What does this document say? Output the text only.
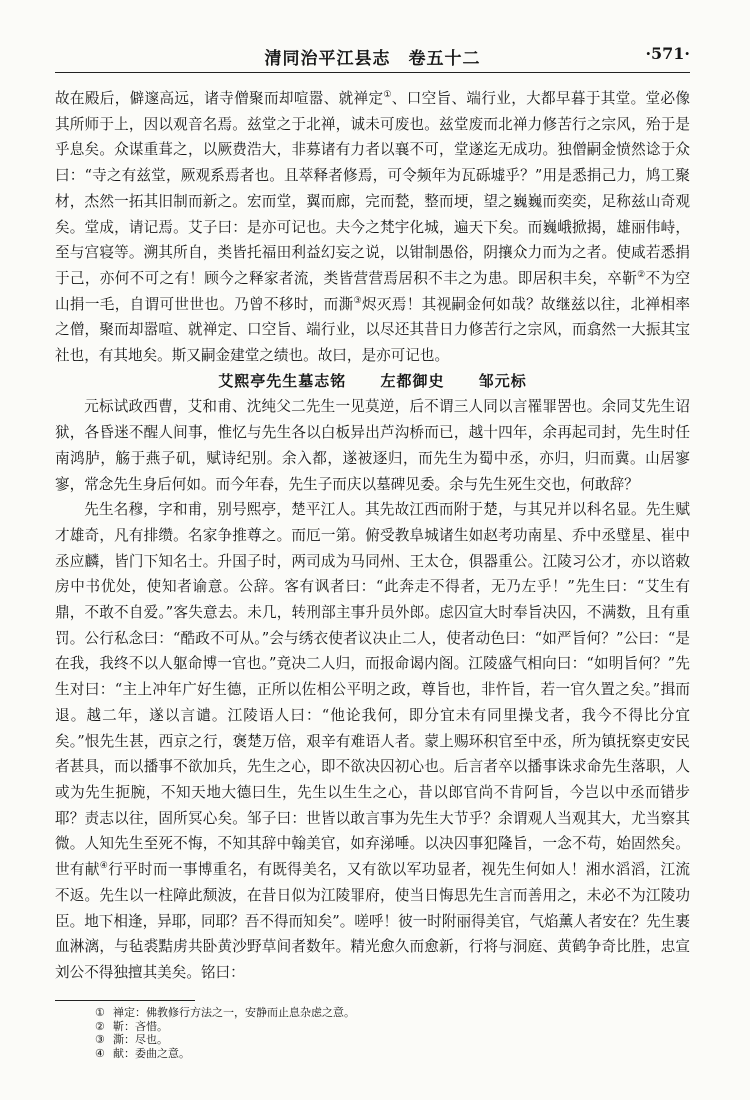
清同治平江县志　卷五十二	·571·

故在殿后，僻邃高远，诸寺僧聚而却喧嚣、就禅定①、口空旨、端行业，大都早暮于其堂。堂必像其所师于上，因以观音名焉。兹堂之于北禅，诚未可废也。兹堂废而北禅力修苦行之宗风，殆于是乎息矣。众谋重葺之，以厥费浩大，非募诸有力者以襄不可，堂遂迄无成功。独僧嗣金愤然谂于众曰：“寺之有兹堂，厥观系焉者也。且萃释者修焉，可令频年为瓦砾墟乎？”用是悉捐己力，鸠工聚材，杰然一拓其旧制而新之。宏而堂，翼而廊，完而甃，整而埂，望之巍巍而奕奕，足称兹山奇观矣。堂成，请记焉。艾子曰：是亦可记也。夫今之梵宇化城，遍天下矣。而巍峨掀揭，雄丽伟峙，至与宫寝等。溯其所自，类皆托福田利益幻妄之说，以钳制愚俗，阴攘众力而为之者。使咸若悉捐于己，亦何不可之有！顾今之释家者流，类皆营营焉居积不丰之为患。即居积丰矣，卒靳②不为空山捐一毛，自谓可世世也。乃曾不移时，而澌③烬灭焉！其视嗣金何如哉？故继兹以往，北禅相率之僧，聚而却嚣喧、就禅定、口空旨、端行业，以尽还其昔日力修苦行之宗风，而翕然一大振其宝社也，有其地矣。斯又嗣金建堂之绩也。故曰，是亦可记也。

艾熙亭先生墓志铭 左都御史 邹元标

元标试政西曹，艾和甫、沈纯父二先生一见莫逆，后不谓三人同以言罹罪罟也。余同艾先生诏狱，各昏迷不醒人间事，惟忆与先生各以白板异出芦沟桥而已，越十四年，余再起司封，先生时任南鸿胪，觞于燕子矶，赋诗纪别。余入都，遂被逐归，而先生为蜀中丞，亦归，归而冀。山居寥寥，常念先生身后何如。而今年春，先生子而庆以墓碑见委。余与先生死生交也，何敢辞？

先生名穆，字和甫，别号熙亭，楚平江人。其先故江西而附于楚，与其兄并以科名显。先生赋才雄奇，凡有排缵。名家争推尊之。而厄一第。俯受教阜城诸生如赵考功南星、乔中丞璧星、崔中丞应麟，皆门下知名士。升国子时，两司成为马同州、王太仓，俱器重公。江陵习公才，亦以谘敕房中书优处，使知者谕意。公辞。客有讽者曰：“此奔走不得者，无乃左乎！”先生曰：“艾生有鼎，不敢不自爱。”客失意去。未几，转刑部主事升员外郎。虑囚宣大时奉旨决囚，不满数，且有重罚。公行私念曰：“酷政不可从。”会与绣衣使者议决止二人，使者动色曰：“如严旨何？”公曰：“是在我，我终不以人躯命博一官也。”竟决二人归，而报命谒内阁。江陵盛气相向曰：“如明旨何？”先生对曰：“主上冲年广好生德，正所以佐相公平明之政，尊旨也，非忤旨，若一官久置之矣。”揖而退。越二年，遂以言谴。江陵语人曰：“他论我何，即分宜未有同里操戈者，我今不得比分宜矣。”恨先生甚，西京之行，褒楚万倍，艰辛有难语人者。蒙上赐环积官至中丞，所为镇抚察吏安民者甚具，而以播事不欲加兵，先生之心，即不欲决囚初心也。后言者卒以播事诛求命先生落职，人或为先生扼腕，不知天地大德曰生，先生以生生之心，昔以郎官尚不肯阿旨，今岂以中丞而错步耶？责志以往，固所冥心矣。邹子曰：世皆以敢言事为先生大节乎？余谓观人当观其大，尤当察其微。人知先生至死不悔，不知其辞中翰美官，如弃涕唾。以决囚事犯隆旨，一念不苟，始固然矣。世有献④行平时而一事博重名，有既得美名，又有欲以军功显者，视先生何如人！湘水滔滔，江流不返。先生以一柱障此颓波，在昔日似为江陵罪府，使当日悔思先生言而善用之，未必不为江陵功臣。地下相逢，异耶，同耶？吾不得而知矣”。嗟呼！彼一时附丽得美官，气焰薰人者安在？先生裹血淋漓，与毡裘黠虏共卧黄沙野草间者数年。精光愈久而愈新，行将与洞庭、黄鹤争奇比胜，忠宣刘公不得独擅其美矣。铭曰：

① 禅定：佛教修行方法之一，安静而止息杂虑之意。
② 靳：吝惜。
③ 澌：尽也。
④ 献：委曲之意。
